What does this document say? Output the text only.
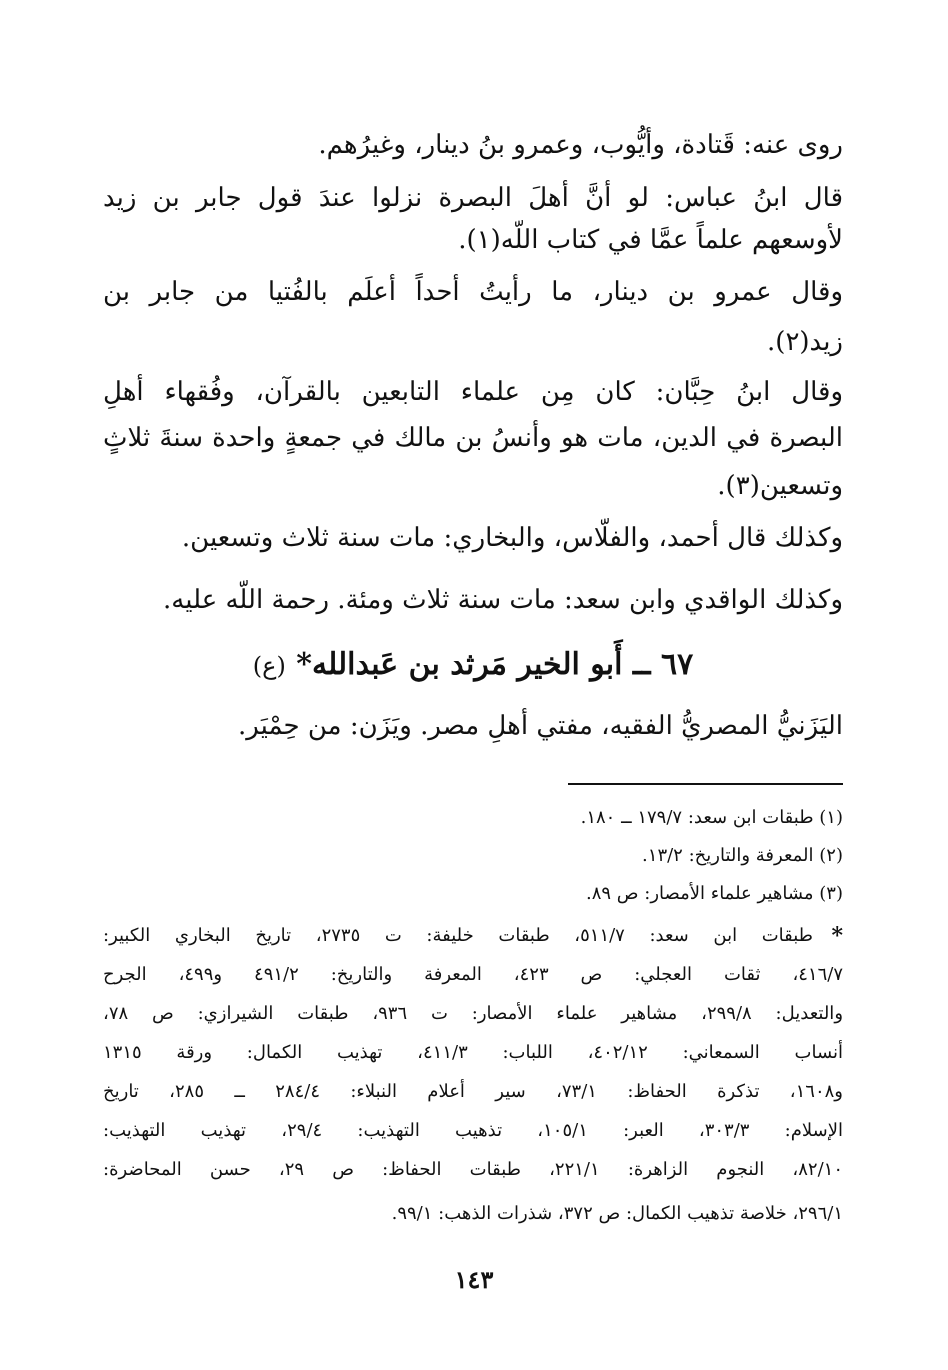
روى عنه: قَتادة، وأيُّوب، وعمرو بنُ دينار، وغيرُهم.
قال ابنُ عباس: لو أنَّ أهلَ البصرة نزلوا عندَ قول جابر بن زيد
لأوسعهم علماً عمَّا في كتاب اللَّه(١).
وقال عمرو بن دينار، ما رأيتُ أحداً أعلَم بالفُتيا من جابر بن
زيد(٢).
وقال ابنُ حِبَّان: كان مِن علماء التابعين بالقرآن، وفُقهاء أهلِ
البصرة في الدين، مات هو وأنسُ بن مالك في جمعةٍ واحدة سنةَ ثلاثٍ
وتسعين(٣).
وكذلك قال أحمد، والفلَّاس، والبخاري: مات سنة ثلاث وتسعين.
وكذلك الواقدي وابن سعد: مات سنة ثلاث ومئة. رحمة اللَّه عليه.
٦٧ ــ أَبو الخير مَرثد بن عَبدالله* (ع)
اليَزَنيُّ المصريُّ الفقيه، مفتي أهلِ مصر. ويَزَن: من حِمْيَر.
(١) طبقات ابن سعد: ١٧٩/٧ ــ ١٨٠.
(٢) المعرفة والتاريخ: ١٣/٢.
(٣) مشاهير علماء الأمصار: ص ٨٩.
*
طبقات ابن سعد: ٥١١/٧، طبقات خليفة: ت ٢٧٣٥، تاريخ البخاري الكبير:
٤١٦/٧، ثقات العجلي: ص ٤٢٣، المعرفة والتاريخ: ٤٩١/٢ و٤٩٩، الجرح
والتعديل: ٢٩٩/٨، مشاهير علماء الأمصار: ت ٩٣٦، طبقات الشيرازي: ص ٧٨،
أنساب السمعاني: ٤٠٢/١٢، اللباب: ٤١١/٣، تهذيب الكمال: ورقة ١٣١٥
و١٦٠٨، تذكرة الحفاظ: ٧٣/١، سير أعلام النبلاء: ٢٨٤/٤ ــ ٢٨٥، تاريخ
الإسلام: ٣٠٣/٣، العبر: ١٠٥/١، تذهيب التهذيب: ٢٩/٤، تهذيب التهذيب:
٨٢/١٠، النجوم الزاهرة: ٢٢١/١، طبقات الحفاظ: ص ٢٩، حسن المحاضرة:
٢٩٦/١، خلاصة تذهيب الكمال: ص ٣٧٢، شذرات الذهب: ٩٩/١.
١٤٣
